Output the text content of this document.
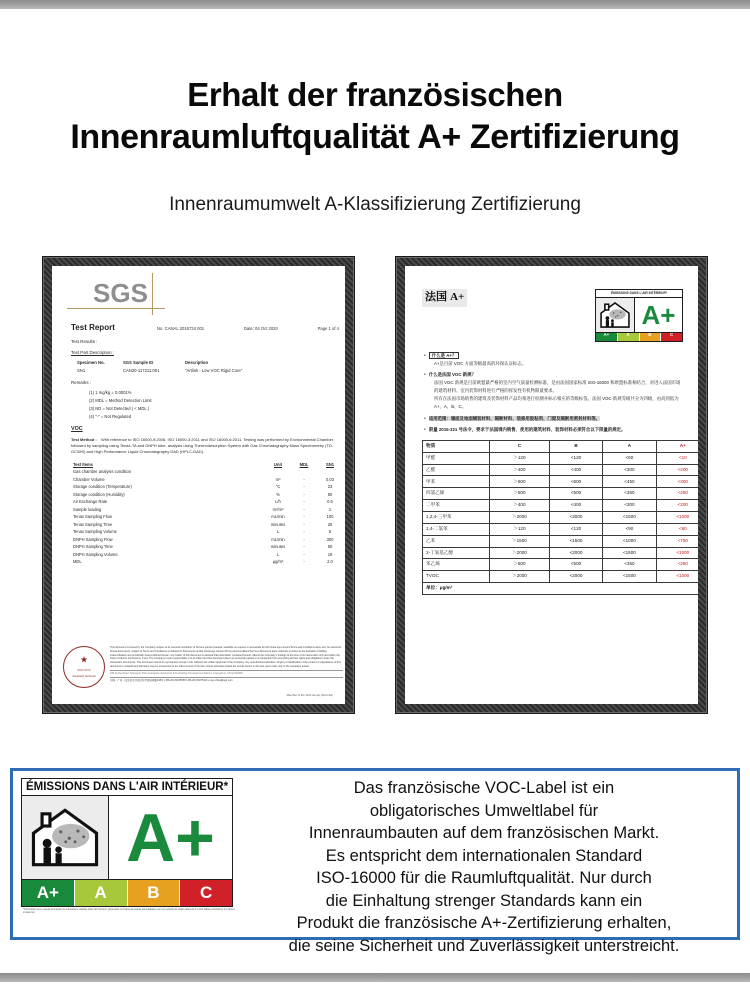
Erhalt der französischen
Innenraumluftqualität A+ Zertifizierung
Innenraumumwelt A-Klassifizierung Zertifizierung
SGS
Test Report	No. CANAL 2016734 001	Date: 04 Oct 2020	Page 1 of 4
Test Results :
Test Part Description :
Specimen No.	SGS Sample ID	Description
SN1	CAN20-117211.001	"Artlink - Low VOC Rigid Core"
Remarks :
(1) 1 mg/kg = 0.0001%
(2) MDL = Method Detection Limit
(3) ND = Not Detected ( < MDL )
(4) "-" = Not Regulated
VOC
Test Method : With reference to ISO 16000-9:2006, ISO 16000-3:2011 and ISO 16000-6:2011. Testing was performed by Environmental Chamber, followed by sampling using Tenax-TA and DNPH tube, analysis using Thermodesorption System with Gas Chromatography Mass Spectrometry (TD-GC/MS) and High Performance Liquid Chromatography DAD (HPLC-DAD).
Test Items	Unit	MDL	SN1
Gas chamber analysis condition			
Chamber Volume	m³	-	0.03
Storage condition (Temperature)	°C	-	23
Storage condition (Humidity)	%	-	50
Air Exchange Rate	L/h	-	0.5
Sample loading	m²/m³	-	1
Tenax Sampling Flow	mL/min	-	100
Tenax Sampling Time	minutes	-	25
Tenax Sampling Volume	L	-	5
DNPH Sampling Flow	mL/min	-	300
DNPH Sampling Time	minutes	-	60
DNPH Sampling Volume	L	-	18
MDL	µg/m³	-	2.0
★
SGS-CSTC
Standards Technical
This document is issued by the Company subject to its General Conditions of Service printed overleaf, available on request or accessible at http://www.sgs.com/en/Terms-and-Conditions.aspx and, for electronic format documents, subject to Terms and Conditions for Electronic Documents at http://www.sgs.com/en/Terms-and-Conditions/Terms-e-Document.aspx. Attention is drawn to the limitation of liability, indemnification and jurisdiction issues defined therein. Any holder of this document is advised that information contained hereon reflects the Company's findings at the time of its intervention only and within the limits of Client's instructions, if any. The Company's sole responsibility is to its Client and this document does not exonerate parties to a transaction from exercising all their rights and obligations under the transaction documents. This document cannot be reproduced except in full, without prior written approval of the Company. Any unauthorized alteration, forgery or falsification of the content or appearance of this document is unlawful and offenders may be prosecuted to the fullest extent of the law. Unless otherwise stated the results shown in this test report refer only to the sample(s) tested.
198 Kezhu Road, Scientech Park Guangzhou Economic & Technology Development District, Guangzhou, China 510663
中国 · 广州 · 经济技术开发区科学城科珠路198号 t (86-20) 82155555 f (86-20) 82075113 e sgs.china@sgs.com
Member of the SGS Group (SGS SA)
法国 A+	ÉMISSIONS DANS L'AIR INTÉRIEUR*
A+
A+	A	B	C
● 什么是 A+？
A+是目前 VOC 方面等级最高的环保认证标志。
● 什么是法国 VOC 新规？
法国 VOC 新规是目前欧盟最严格的室内空气质量检测标准，是由法国国家标准 ISO-16000 和欧盟标准相结合，对进入法国市场的建筑材料、室内装饰材料进行严格的挥发性有机物限量要求。
所有在法国市场销售的建筑及装饰材料产品均须进行检测并标示相应的等级标签。法国 VOC 新规等级共分为四级，由高到低为 A+、A、B、C。
● 适用范围：墙面及地面铺装材料、隔断材料、装修用胶粘剂、门窗及隔断用密封材料等。
● 限量 2015-321 号法令，要求于法国境内销售、使用的建筑材料、装饰材料必须符合以下限量的规定。
物质	C	B	A	A+
甲醛	＞120	<120	<60	<10
乙醛	＞400	<400	<300	<200
甲苯	＞600	<600	<450	<300
四氯乙烯	＞500	<500	<350	<250
二甲苯	＞400	<400	<300	<200
1,2,4-三甲苯	＞2000	<2000	<1500	<1000
1,4-二氯苯	＞120	<120	<90	<60
乙苯	＞1500	<1500	<1000	<750
2-丁氧基乙醇	＞2000	<2000	<1500	<1000
苯乙烯	＞500	<500	<350	<250
TVOC	＞2000	<2000	<1500	<1000
单位：μg/m³				
ÉMISSIONS DANS L'AIR INTÉRIEUR*
A+
A+	A	B	C
*Information sur le niveau d'émission de substances volatiles dans l'air intérieur, présentant un risque de toxicité par inhalation, sur une échelle de classe allant de A+ (très faibles émissions) à C (fortes émissions).

Das französische VOC-Label ist ein

obligatorisches Umweltlabel für

Innenraumbauten auf dem französischen Markt.

Es entspricht dem internationalen Standard

ISO-16000 für die Raumluftqualität. Nur durch

die Einhaltung strenger Standards kann ein

Produkt die französische A+-Zertifizierung erhalten,

die seine Sicherheit und Zuverlässigkeit unterstreicht.
